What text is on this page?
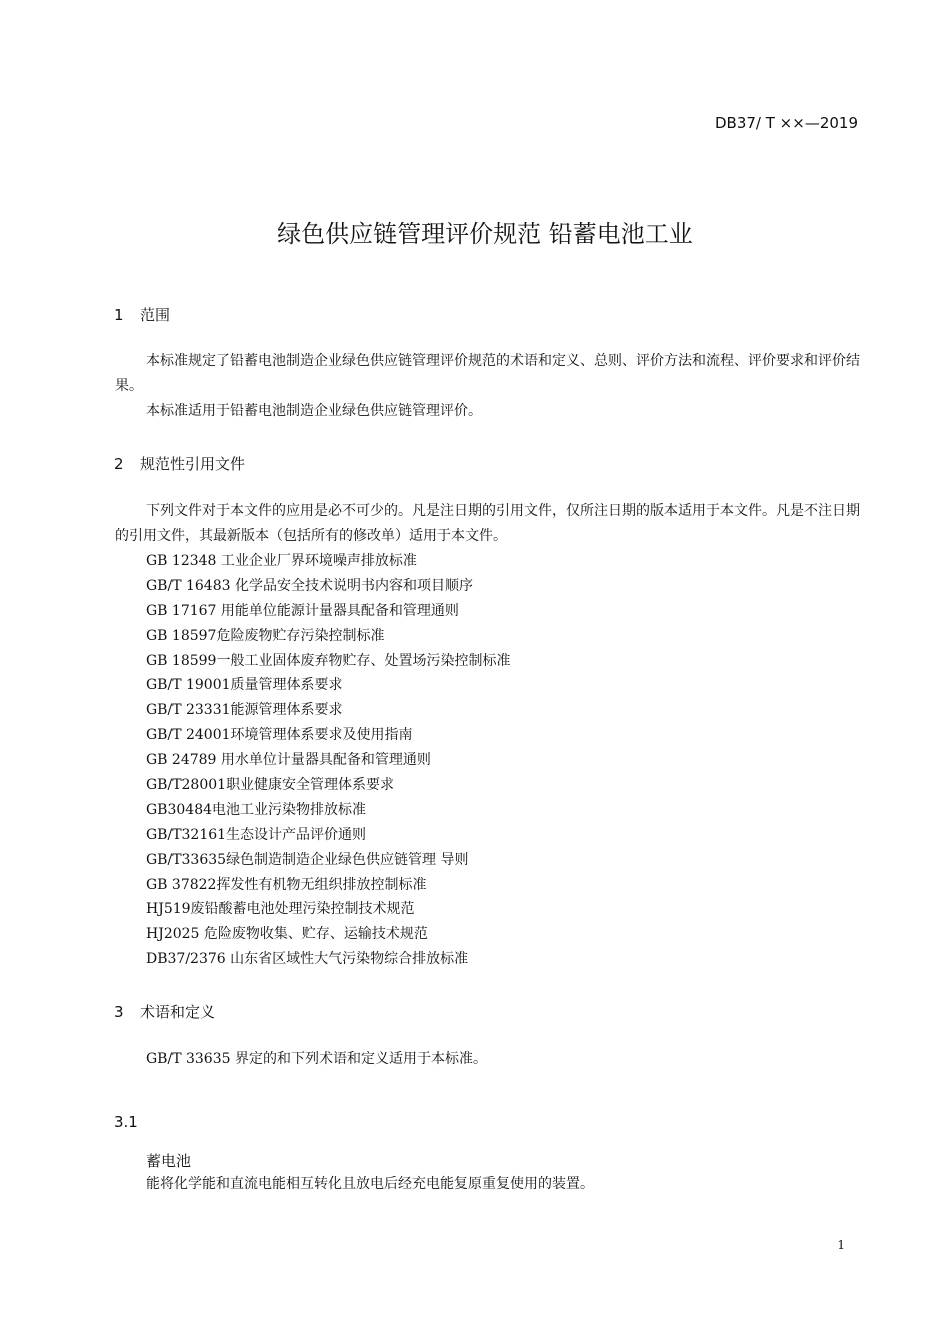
DB37/ T ××—2019
绿色供应链管理评价规范 铅蓄电池工业
1 范围

本标准规定了铅蓄电池制造企业绿色供应链管理评价规范的术语和定义、总则、评价方法和流程、评价要求和评价结果。

本标准适用于铅蓄电池制造企业绿色供应链管理评价。

2 规范性引用文件

下列文件对于本文件的应用是必不可少的。凡是注日期的引用文件，仅所注日期的版本适用于本文件。凡是不注日期的引用文件，其最新版本（包括所有的修改单）适用于本文件。

GB 12348 工业企业厂界环境噪声排放标准
GB/T 16483 化学品安全技术说明书内容和项目顺序
GB 17167 用能单位能源计量器具配备和管理通则
GB 18597危险废物贮存污染控制标准
GB 18599一般工业固体废弃物贮存、处置场污染控制标准
GB/T 19001质量管理体系要求
GB/T 23331能源管理体系要求
GB/T 24001环境管理体系要求及使用指南
GB 24789 用水单位计量器具配备和管理通则
GB/T28001职业健康安全管理体系要求
GB30484电池工业污染物排放标准
GB/T32161生态设计产品评价通则
GB/T33635绿色制造制造企业绿色供应链管理 导则
GB 37822挥发性有机物无组织排放控制标准
HJ519废铅酸蓄电池处理污染控制技术规范
HJ2025 危险废物收集、贮存、运输技术规范
DB37/2376 山东省区域性大气污染物综合排放标准
3 术语和定义

GB/T 33635 界定的和下列术语和定义适用于本标准。

3.1
蓄电池
能将化学能和直流电能相互转化且放电后经充电能复原重复使用的装置。
1
